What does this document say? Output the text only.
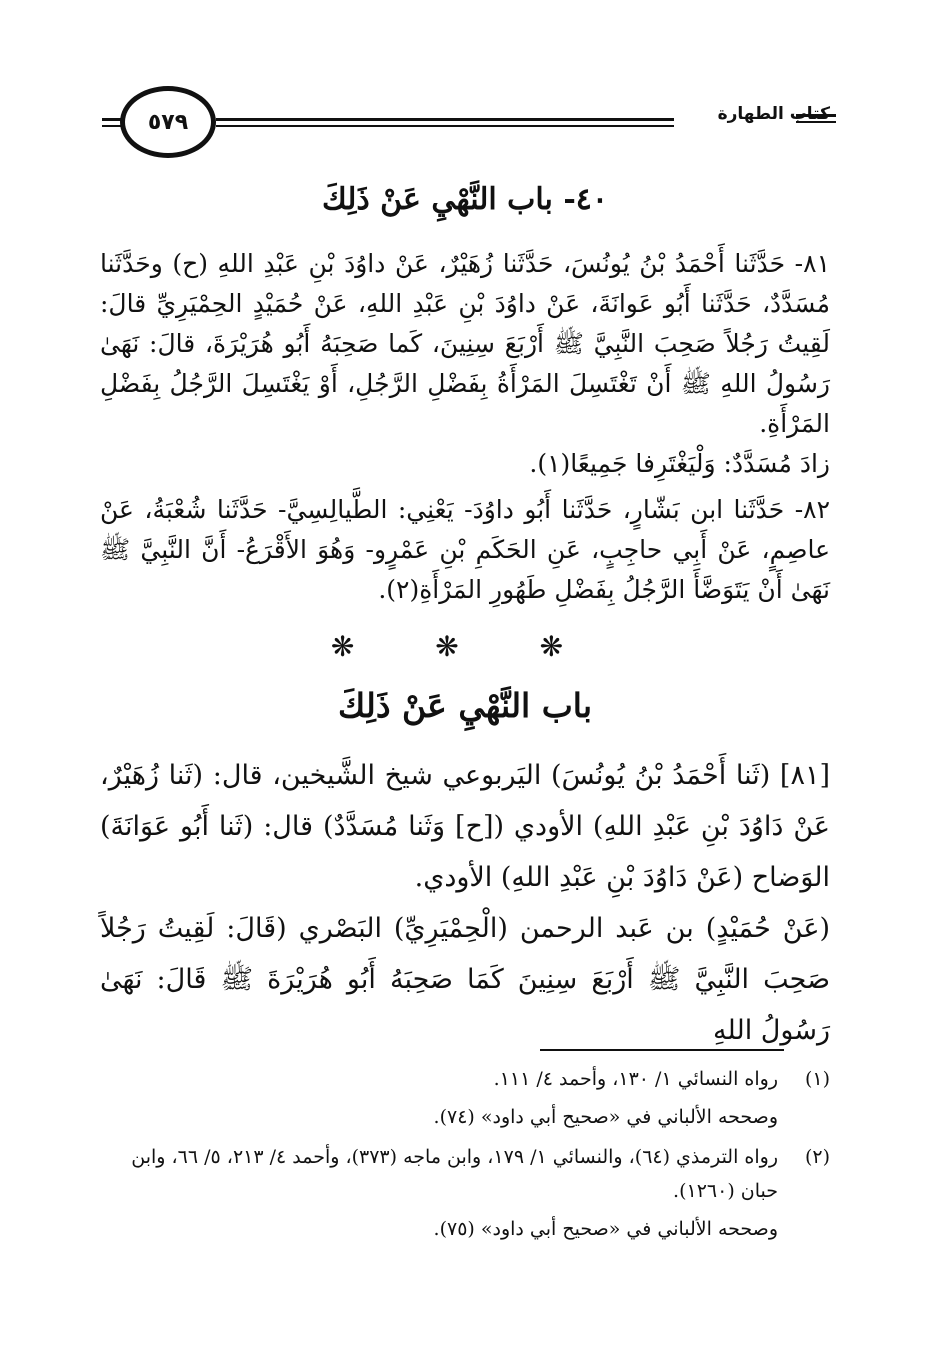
كتاب الطهارة
٥٧٩
٤٠- باب النَّهْيِ عَنْ ذَلِكَ

٨١- حَدَّثَنا أَحْمَدُ بْنُ يُونُسَ، حَدَّثَنا زُهَيْرٌ، عَنْ داوُدَ بْنِ عَبْدِ اللهِ (ح) وحَدَّثَنا مُسَدَّدٌ، حَدَّثَنا أَبُو عَوانَةَ، عَنْ داوُدَ بْنِ عَبْدِ اللهِ، عَنْ حُمَيْدٍ الحِمْيَرِيِّ قالَ: لَقِيتُ رَجُلاً صَحِبَ النَّبِيَّ ﷺ أَرْبَعَ سِنِينَ، كَما صَحِبَهُ أَبُو هُرَيْرَةَ، قالَ: نَهَىٰ رَسُولُ اللهِ ﷺ أَنْ تَغْتَسِلَ المَرْأَةُ بِفَضْلِ الرَّجُلِ، أَوْ يَغْتَسِلَ الرَّجُلُ بِفَضْلِ المَرْأَةِ.

زادَ مُسَدَّدٌ: وَلْيَغْتَرِفا جَمِيعًا(١).

٨٢- حَدَّثَنا ابن بَشّارٍ، حَدَّثَنا أَبُو داوُدَ- يَعْنِي: الطَّيالِسِيَّ- حَدَّثَنا شُعْبَةُ، عَنْ عاصِمٍ، عَنْ أَبِي حاجِبٍ، عَنِ الحَكَمِ بْنِ عَمْرٍو- وَهُوَ الأَقْرَعُ- أَنَّ النَّبِيَّ ﷺ نَهَىٰ أَنْ يَتَوَضَّأَ الرَّجُلُ بِفَضْلِ طَهُورِ المَرْأَةِ(٢).

❋ ❋ ❋
باب النَّهْيِ عَنْ ذَلِكَ

[٨١] (ثَنا أَحْمَدُ بْنُ يُونُسَ) اليَربوعي شيخ الشَّيخين، قال: (ثَنا زُهَيْرٌ، عَنْ دَاوُدَ بْنِ عَبْدِ اللهِ) الأودي ([ح] وَثَنا مُسَدَّدٌ) قال: (ثَنا أَبُو عَوَانَةَ) الوَضاح (عَنْ دَاوُدَ بْنِ عَبْدِ اللهِ) الأودي.

(عَنْ حُمَيْدٍ) بن عَبد الرحمن (الْحِمْيَرِيِّ) البَصْري (قَالَ: لَقِيتُ رَجُلاً صَحِبَ النَّبِيَّ ﷺ أَرْبَعَ سِنِينَ كَمَا صَحِبَهُ أَبُو هُرَيْرَةَ ﷺ قَالَ: نَهَىٰ رَسُولُ اللهِ

(١)
رواه النسائي ١/ ١٣٠، وأحمد ٤/ ١١١.

وصححه الألباني في «صحيح أبي داود» (٧٤).

(٢)
رواه الترمذي (٦٤)، والنسائي ١/ ١٧٩، وابن ماجه (٣٧٣)، وأحمد ٤/ ٢١٣، ٥/ ٦٦، وابن حبان (١٢٦٠).

وصححه الألباني في «صحيح أبي داود» (٧٥).
